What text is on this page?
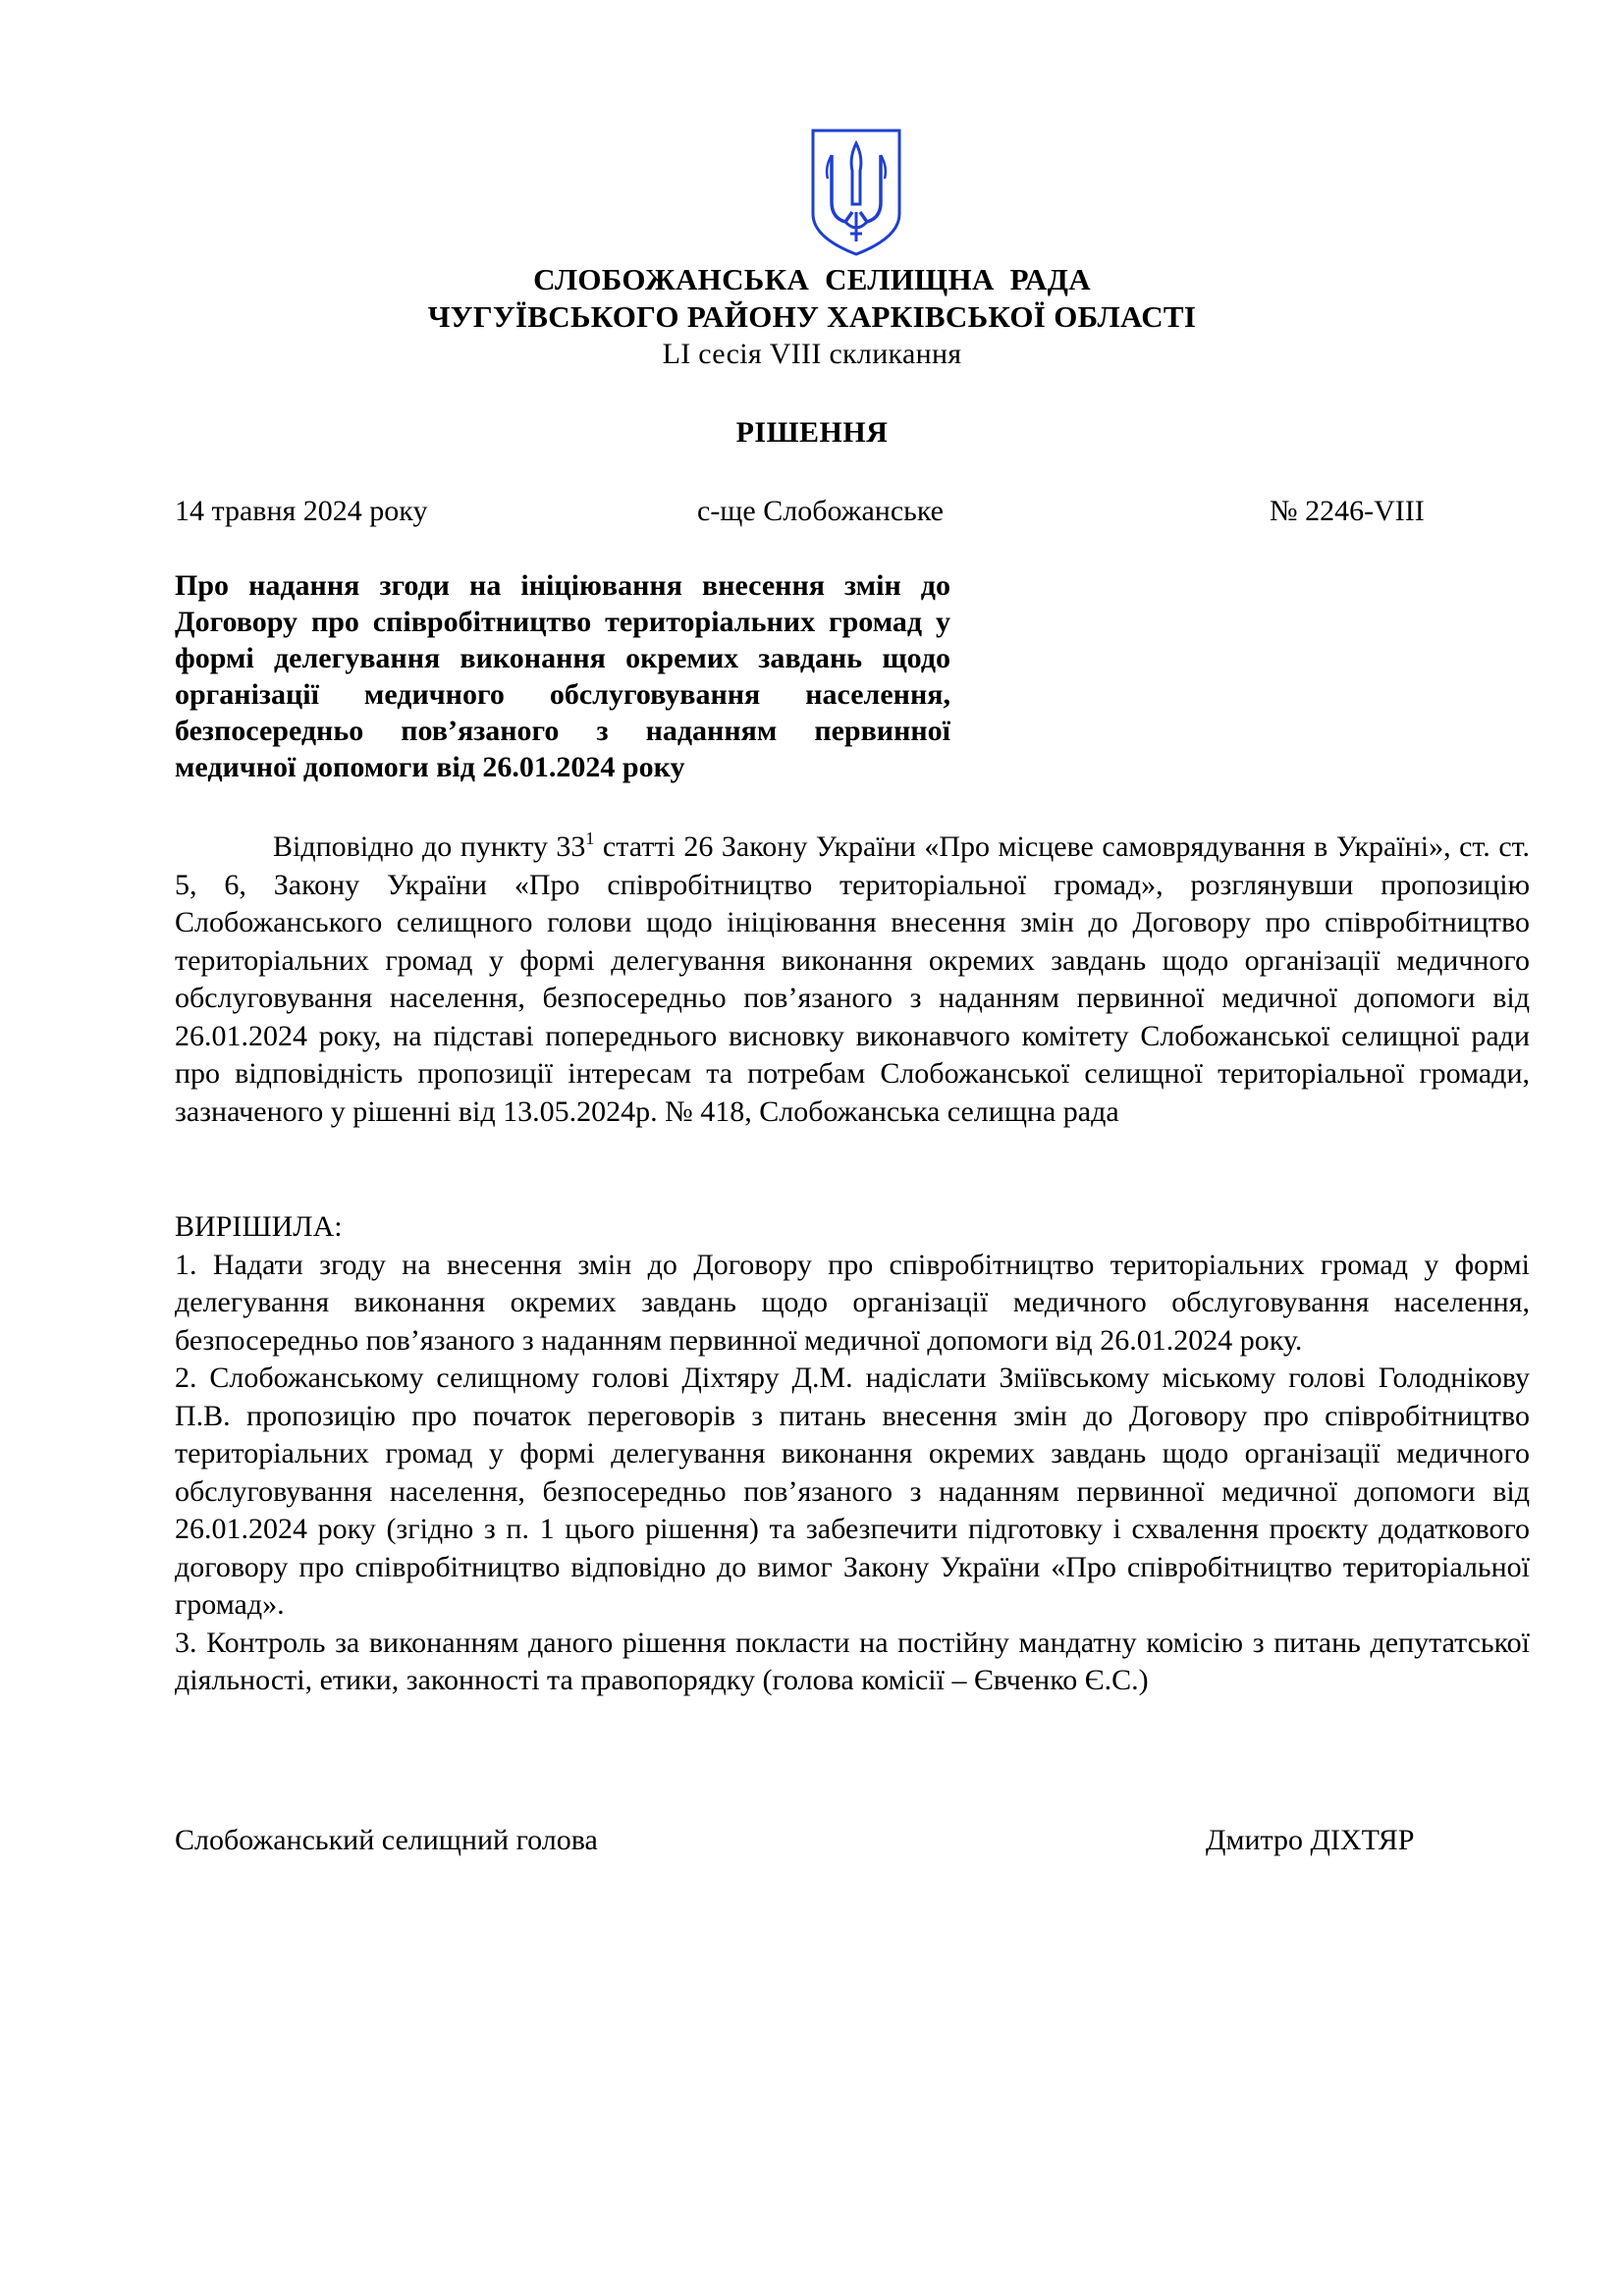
СЛОБОЖАНСЬКА СЕЛИЩНА РАДА
ЧУГУЇВСЬКОГО РАЙОНУ ХАРКІВСЬКОЇ ОБЛАСТІ
LI сесія VIII скликання
РІШЕННЯ
14 травня 2024 року	с-ще Слобожанське	№ 2246-VIII
Про надання згоди на ініціювання внесення змін до Договору про співробітництво територіальних громад у формі делегування виконання окремих завдань щодо організації медичного обслуговування населення, безпосередньо пов’язаного з наданням первинної медичної допомоги від 26.01.2024 року
Відповідно до пункту $33^1$ статті 26 Закону України «Про місцеве самоврядування в Україні», ст. ст. 5, 6, Закону України «Про співробітництво територіальної громад», розглянувши пропозицію Слобожанського селищного голови щодо ініціювання внесення змін до Договору про співробітництво територіальних громад у формі делегування виконання окремих завдань щодо організації медичного обслуговування населення, безпосередньо пов’язаного з наданням первинної медичної допомоги від 26.01.2024 року, на підставі попереднього висновку виконавчого комітету Слобожанської селищної ради про відповідність пропозиції інтересам та потребам Слобожанської селищної територіальної громади, зазначеного у рішенні від 13.05.2024р. № 418, Слобожанська селищна рада
ВИРІШИЛА:
1. Надати згоду на внесення змін до Договору про співробітництво територіальних громад у формі делегування виконання окремих завдань щодо організації медичного обслуговування населення, безпосередньо пов’язаного з наданням первинної медичної допомоги від 26.01.2024 року.
2. Слобожанському селищному голові Діхтяру Д.М. надіслати Зміївському міському голові Голоднікову П.В. пропозицію про початок переговорів з питань внесення змін до Договору про співробітництво територіальних громад у формі делегування виконання окремих завдань щодо організації медичного обслуговування населення, безпосередньо пов’язаного з наданням первинної медичної допомоги від 26.01.2024 року (згідно з п. 1 цього рішення) та забезпечити підготовку і схвалення проєкту додаткового договору про співробітництво відповідно до вимог Закону України «Про співробітництво територіальної громад».
3. Контроль за виконанням даного рішення покласти на постійну мандатну комісію з питань депутатської діяльності, етики, законності та правопорядку (голова комісії – Євченко Є.С.)
Слобожанський селищний голова	Дмитро ДІХТЯР
